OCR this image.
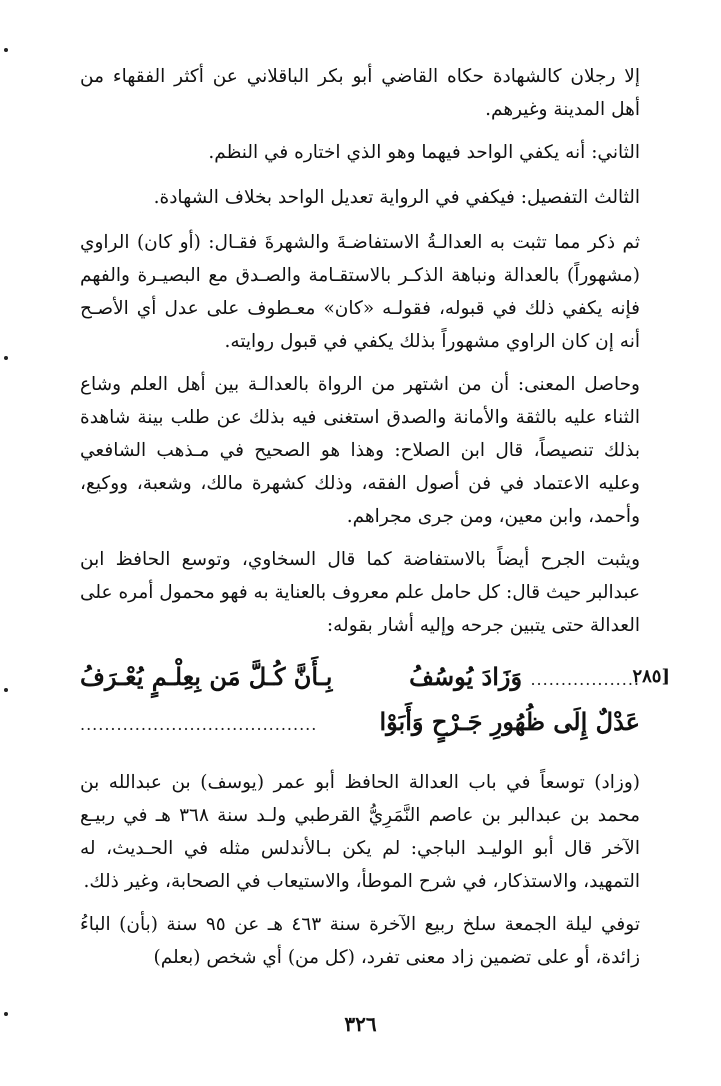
إلا رجلان كالشهادة حكاه القاضي أبو بكر الباقلاني عن أكثر الفقهاء من أهل المدينة وغيرهم.

الثاني: أنه يكفي الواحد فيهما وهو الذي اختاره في النظم.

الثالث التفصيل: فيكفي في الرواية تعديل الواحد بخلاف الشهادة.

ثم ذكر مما تثبت به العدالـةُ الاستفاضـةَ والشهرةَ فقـال: (أو كان) الراوي (مشهوراً) بالعدالة ونباهة الذكـر بالاستقـامة والصـدق مع البصيـرة والفهم فإنه يكفي ذلك في قبوله، فقولـه «كان» معـطوف على عدل أي الأصـح أنه إن كان الراوي مشهوراً بذلك يكفي في قبول روايته.

وحاصل المعنى: أن من اشتهر من الرواة بالعدالـة بين أهل العلم وشاع الثناء عليه بالثقة والأمانة والصدق استغنى فيه بذلك عن طلب بينة شاهدة بذلك تنصيصاً، قال ابن الصلاح: وهذا هو الصحيح في مـذهب الشافعي وعليه الاعتماد في فن أصول الفقه، وذلك كشهرة مالك، وشعبة، ووكيع، وأحمد، وابن معين، ومن جرى مجراهم.

ويثبت الجرح أيضاً بالاستفاضة كما قال السخاوي، وتوسع الحافظ ابن عبدالبر حيث قال: كل حامل علم معروف بالعناية به فهو محمول أمره على العدالة حتى يتبين جرحه وإليه أشار بقوله:

[٢٨٥
.................. وَزَادَ يُوسُفُ
بِـأَنَّ كُـلَّ مَن بِعِلْـمٍ يُعْـرَفُ
عَدْلٌ إِلَى ظُهُورِ جَـرْحٍ وَأَبَوْا
.......................................

(وزاد) توسعاً في باب العدالة الحافظ أبو عمر (يوسف) بن عبدالله بن محمد بن عبدالبر بن عاصم النَّمَرِيُّ القرطبي ولـد سنة ٣٦٨ هـ في ربيـع الآخر قال أبو الوليـد الباجي: لم يكن بـالأندلس مثله في الحـديث، له التمهيد، والاستذكار، في شرح الموطأ، والاستيعاب في الصحابة، وغير ذلك.

توفي ليلة الجمعة سلخ ربيع الآخرة سنة ٤٦٣ هـ عن ٩٥ سنة (بأن) الباءُ زائدة، أو على تضمين زاد معنى تفرد، (كل من) أي شخص (بعلم)

٣٢٦
